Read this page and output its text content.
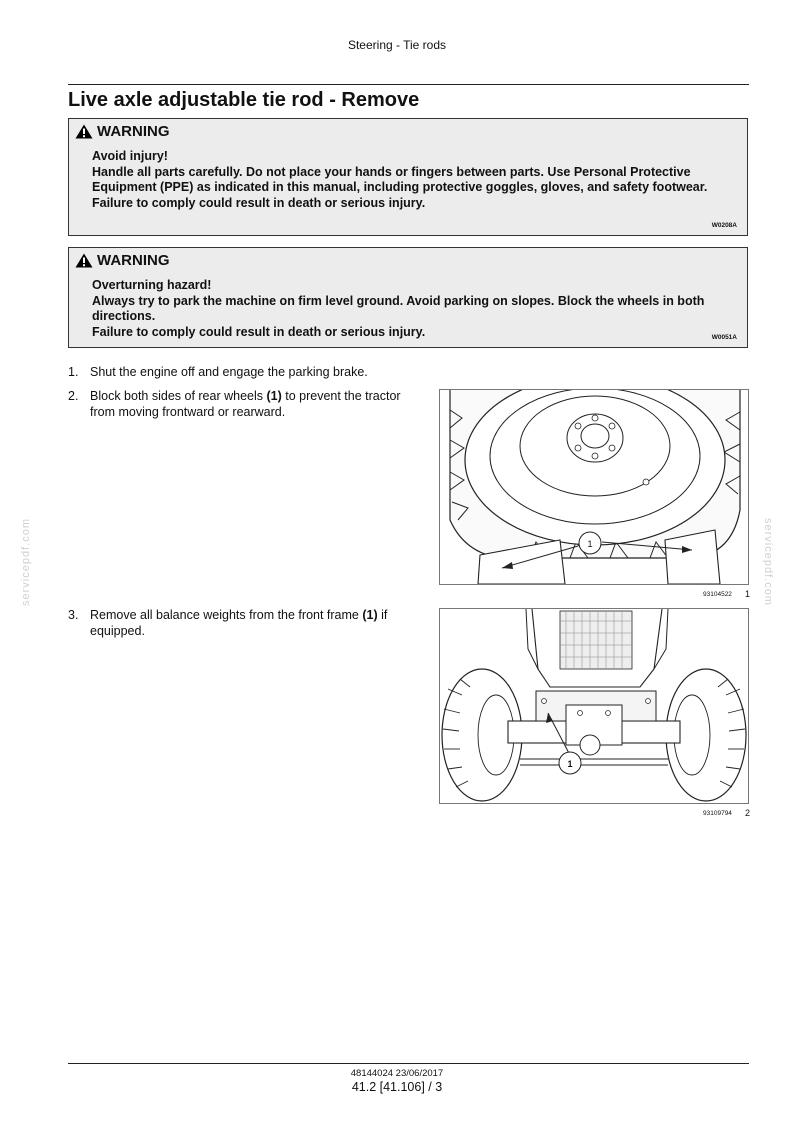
Steering - Tie rods
Live axle adjustable tie rod - Remove
WARNING
Avoid injury!
Handle all parts carefully. Do not place your hands or fingers between parts. Use Personal Protective Equipment (PPE) as indicated in this manual, including protective goggles, gloves, and safety footwear.
Failure to comply could result in death or serious injury.
W0208A
WARNING
Overturning hazard!
Always try to park the machine on firm level ground. Avoid parking on slopes. Block the wheels in both directions.
Failure to comply could result in death or serious injury.	W0051A
1. Shut the engine off and engage the parking brake.
2. Block both sides of rear wheels (1) to prevent the tractor from moving frontward or rearward.
3. Remove all balance weights from the front frame (1) if equipped.
1
93104522 1
1
93109794 2
servicepdf.com	servicepdf.com
48144024 23/06/2017
41.2 [41.106] / 3
